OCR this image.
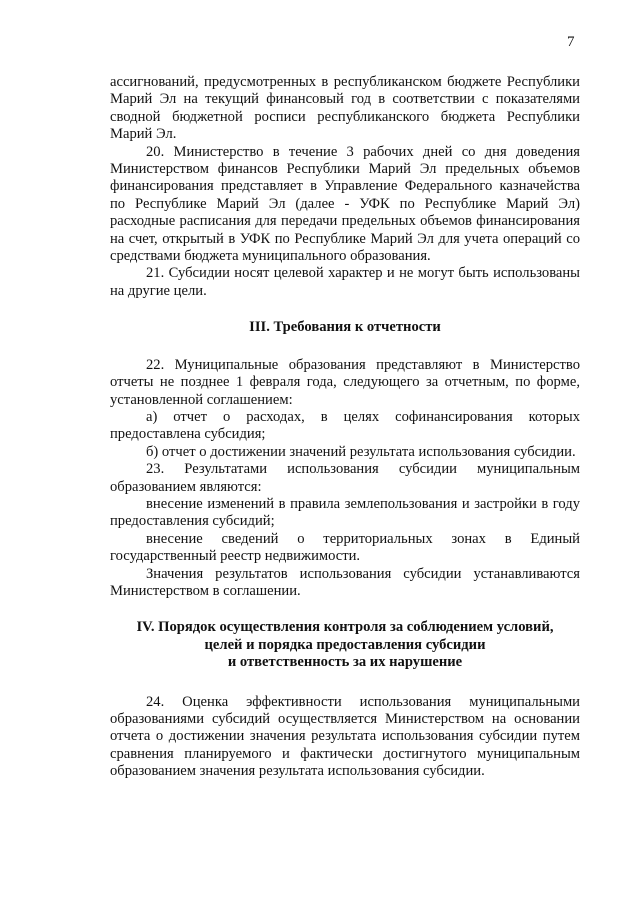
7

ассигнований, предусмотренных в республиканском бюджете Республики Марий Эл на текущий финансовый год в соответствии с показателями сводной бюджетной росписи республиканского бюджета Республики Марий Эл.

20. Министерство в течение 3 рабочих дней со дня доведения Министерством финансов Республики Марий Эл предельных объемов финансирования представляет в Управление Федерального казначейства по Республике Марий Эл (далее - УФК по Республике Марий Эл) расходные расписания для передачи предельных объемов финансирования на счет, открытый в УФК по Республике Марий Эл для учета операций со средствами бюджета муниципального образования.

21. Субсидии носят целевой характер и не могут быть использованы на другие цели.

III. Требования к отчетности

22. Муниципальные образования представляют в Министерство отчеты не позднее 1 февраля года, следующего за отчетным, по форме, установленной соглашением:

а) отчет о расходах, в целях софинансирования которых предоставлена субсидия;

б) отчет о достижении значений результата использования субсидии.

23. Результатами использования субсидии муниципальным образованием являются:

внесение изменений в правила землепользования и застройки в году предоставления субсидий;

внесение сведений о территориальных зонах в Единый государственный реестр недвижимости.

Значения результатов использования субсидии устанавливаются Министерством в соглашении.

IV. Порядок осуществления контроля за соблюдением условий,
целей и порядка предоставления субсидии
и ответственность за их нарушение

24. Оценка эффективности использования муниципальными образованиями субсидий осуществляется Министерством на основании отчета о достижении значения результата использования субсидии путем сравнения планируемого и фактически достигнутого муниципальным образованием значения результата использования субсидии.
